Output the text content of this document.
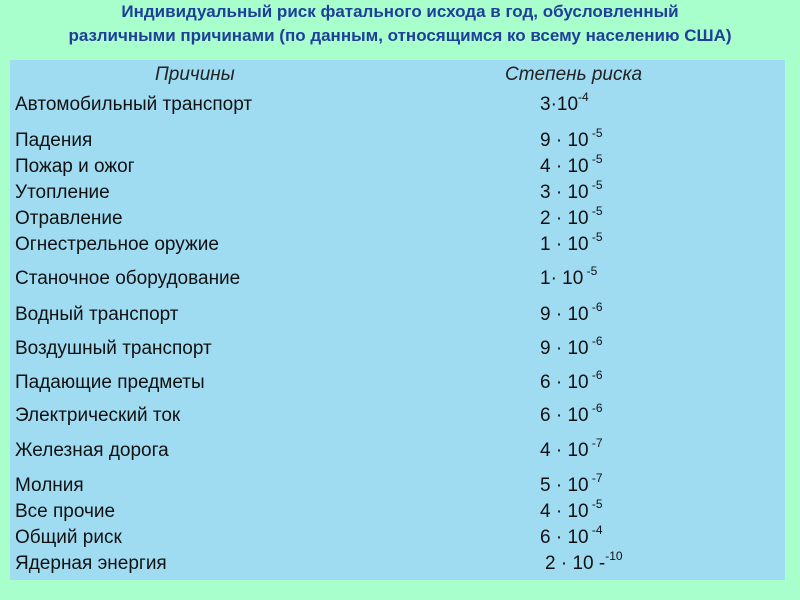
Индивидуальный риск фатального исхода в год, обусловленный
различными причинами (по данным, относящимся ко всему населению США)
Причины	Степень риска
Автомобильный транспорт	$3\cdot 10^{-4}$
Падения	9 · 10 $^{-5}$
Пожар и ожог	4 · 10 $^{-5}$
Утопление	3 · 10 $^{-5}$
Отравление	2 · 10 $^{-5}$
Огнестрельное оружие	1 · 10 $^{-5}$
Станочное оборудование	1· 10 $^{-5}$
Водный транспорт	9 · 10 $^{-6}$
Воздушный транспорт	9 · 10 $^{-6}$
Падающие предметы	6 · 10 $^{-6}$
Электрический ток	6 · 10 $^{-6}$
Железная дорога	4 · 10 $^{-7}$
Молния	5 · 10 $^{-7}$
Все прочие	4 · 10 $^{-5}$
Общий риск	6 · 10 $^{-4}$
Ядерная энергия	2 · 10 -$^{-10}$
